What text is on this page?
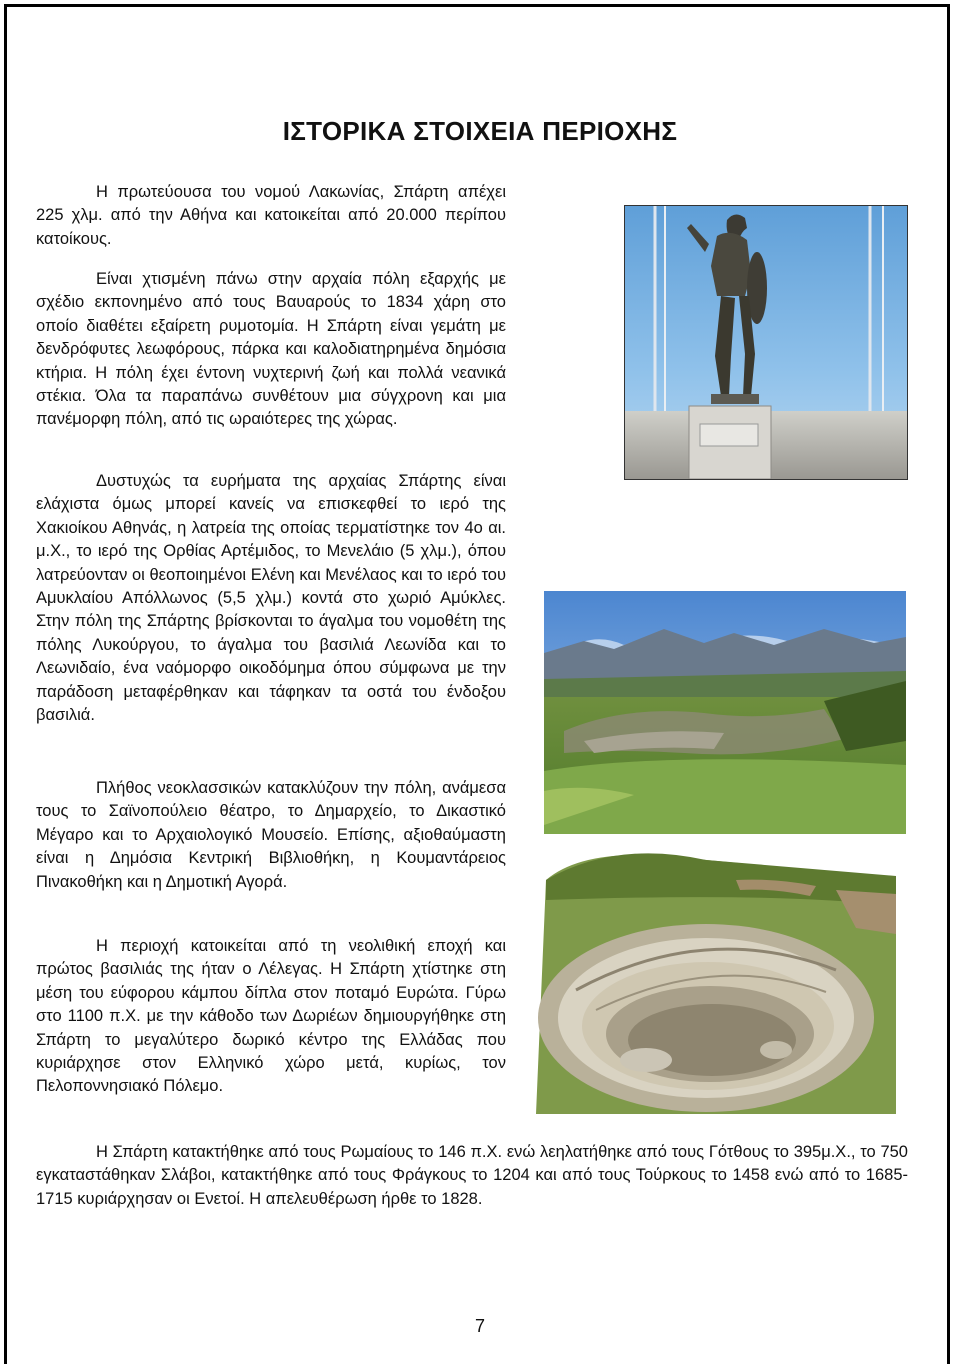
ΙΣΤΟΡΙΚΑ ΣΤΟΙΧΕΙΑ ΠΕΡΙΟΧΗΣ

Η πρωτεύουσα του νομού Λακωνίας, Σπάρτη απέχει 225 χλμ. από την Αθήνα και κατοικείται από 20.000 περίπου κατοίκους.

Είναι χτισμένη πάνω στην αρχαία πόλη εξαρχής με σχέδιο εκπονημένο από τους Βαυαρούς το 1834 χάρη στο οποίο διαθέτει εξαίρετη ρυμοτομία. Η Σπάρτη είναι γεμάτη με δενδρόφυτες λεωφόρους, πάρκα και καλοδιατηρημένα δημόσια κτήρια. Η πόλη έχει έντονη νυχτερινή ζωή και πολλά νεανικά στέκια. Όλα τα παραπάνω συνθέτουν μια σύγχρονη και μια πανέμορφη πόλη, από τις ωραιότερες της χώρας.

Δυστυχώς τα ευρήματα της αρχαίας Σπάρτης είναι ελάχιστα όμως μπορεί κανείς να επισκεφθεί το ιερό της Χακιοίκου Αθηνάς, η λατρεία της οποίας τερματίστηκε τον 4ο αι. μ.Χ., το ιερό της Ορθίας Αρτέμιδος, το Μενελάιο (5 χλμ.), όπου λατρεύονταν οι θεοποιημένοι Ελένη και Μενέλαος και το ιερό του Αμυκλαίου Απόλλωνος (5,5 χλμ.) κοντά στο χωριό Αμύκλες. Στην πόλη της Σπάρτης βρίσκονται το άγαλμα του νομοθέτη της πόλης Λυκούργου, το άγαλμα του βασιλιά Λεωνίδα και το Λεωνιδαίο, ένα ναόμορφο οικοδόμημα όπου σύμφωνα με την παράδοση μεταφέρθηκαν και τάφηκαν τα οστά του ένδοξου βασιλιά.

Πλήθος νεοκλασσικών κατακλύζουν την πόλη, ανάμεσα τους το Σαϊνοπούλειο θέατρο, το Δημαρχείο, το Δικαστικό Μέγαρο και το Αρχαιολογικό Μουσείο. Επίσης, αξιοθαύμαστη είναι η Δημόσια Κεντρική Βιβλιοθήκη, η Κουμαντάρειος Πινακοθήκη και η Δημοτική Αγορά.

Η περιοχή κατοικείται από τη νεολιθική εποχή και πρώτος βασιλιάς της ήταν ο Λέλεγας. Η Σπάρτη χτίστηκε στη μέση του εύφορου κάμπου δίπλα στον ποταμό Ευρώτα. Γύρω στο 1100 π.Χ. με την κάθοδο των Δωριέων δημιουργήθηκε στη Σπάρτη το μεγαλύτερο δωρικό κέντρο της Ελλάδας που κυριάρχησε στον Ελληνικό χώρο μετά, κυρίως, τον Πελοποννησιακό Πόλεμο.

Η Σπάρτη κατακτήθηκε από τους Ρωμαίους το 146 π.Χ. ενώ λεηλατήθηκε από τους Γότθους το 395μ.Χ., το 750 εγκαταστάθηκαν Σλάβοι, κατακτήθηκε από τους Φράγκους το 1204 και από τους Τούρκους το 1458 ενώ από το 1685-1715 κυριάρχησαν οι Ενετοί. Η απελευθέρωση ήρθε το 1828.

7
